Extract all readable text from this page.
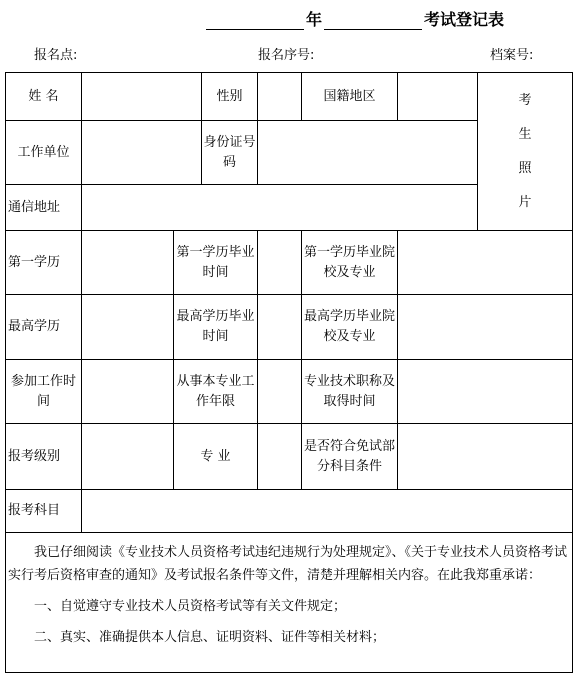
年	考试登记表
报名点:	报名序号:	档案号:
姓 名			性别		国籍地区		考
生
照
片

工作单位			身份证号码				
通信地址							
第一学历		第一学历毕业时间			第一学历毕业院校及专业		
最高学历		最高学历毕业时间			最高学历毕业院校及专业		
参加工作时间		从事本专业工作年限			专业技术职称及取得时间		
报考级别		专 业			是否符合免试部分科目条件		
报考科目							

我已仔细阅读《专业技术人员资格考试违纪违规行为处理规定》、《关于专业技术人员资格考试实行考后资格审查的通知》及考试报名条件等文件，清楚并理解相关内容。在此我郑重承诺：

一、自觉遵守专业技术人员资格考试等有关文件规定；

二、真实、准确提供本人信息、证明资料、证件等相关材料；							
